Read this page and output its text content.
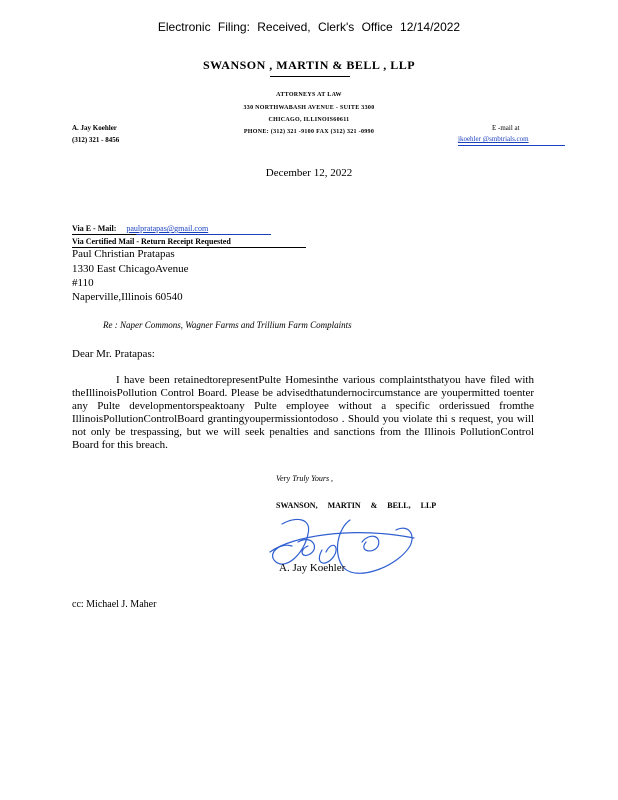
Electronic Filing: Received, Clerk's Office 12/14/2022
SWANSON , MARTIN & BELL , LLP
ATTORNEYS AT LAW
330 NORTHWABASH AVENUE - SUITE 3300
CHICAGO, ILLINOIS60611
PHONE: (312) 321 -9100 FAX (312) 321 -0990
A. Jay Koehler
(312) 321 - 8456
E -mail at
jkoehler @smbtrials.com
December 12, 2022
Via E - Mail: paulpratapas@gmail.com
Via Certified Mail - Return Receipt Requested
Paul Christian Pratapas
1330 East ChicagoAvenue
#110
Naperville,Illinois 60540
Re : Naper Commons, Wagner Farms and Trillium Farm Complaints
Dear Mr. Pratapas:

I have been retainedtorepresentPulte Homesinthe various complaintsthatyou have filed with theIllinoisPollution Control Board. Please be advisedthatundernocircumstance are youpermitted toenter any Pulte developmentorspeaktoany Pulte employee without a specific orderissued fromthe IllinoisPollutionControlBoard grantingyoupermissiontodoso . Should you violate thi s request, you will not only be trespassing, but we will seek penalties and sanctions from the Illinois PollutionControl Board for this breach.

Very Truly Yours ,
SWANSON, MARTIN & BELL, LLP
A. Jay Koehler
cc: Michael J. Maher
